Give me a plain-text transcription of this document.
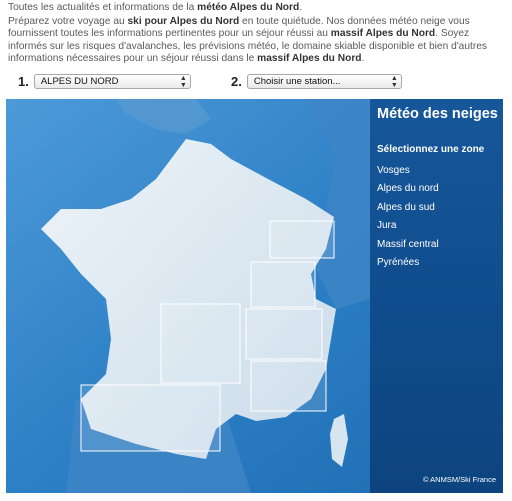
Toutes les actualités et informations de la météo Alpes du Nord.

Préparez votre voyage au ski pour Alpes du Nord en toute quiétude. Nos données météo neige vous fournissent toutes les informations pertinentes pour un séjour réussi au massif Alpes du Nord. Soyez informés sur les risques d'avalanches, les prévisions météo, le domaine skiable disponible et bien d'autres informations nécessaires pour un séjour réussi dans le massif Alpes du Nord.

1.	ALPES DU NORD	▲
▼	2.	Choisir une station...	▲
▼
Météo des neiges
Sélectionnez une zone
Vosges
Alpes du nord
Alpes du sud
Jura
Massif central
Pyrénées
© ANMSM/Ski France
